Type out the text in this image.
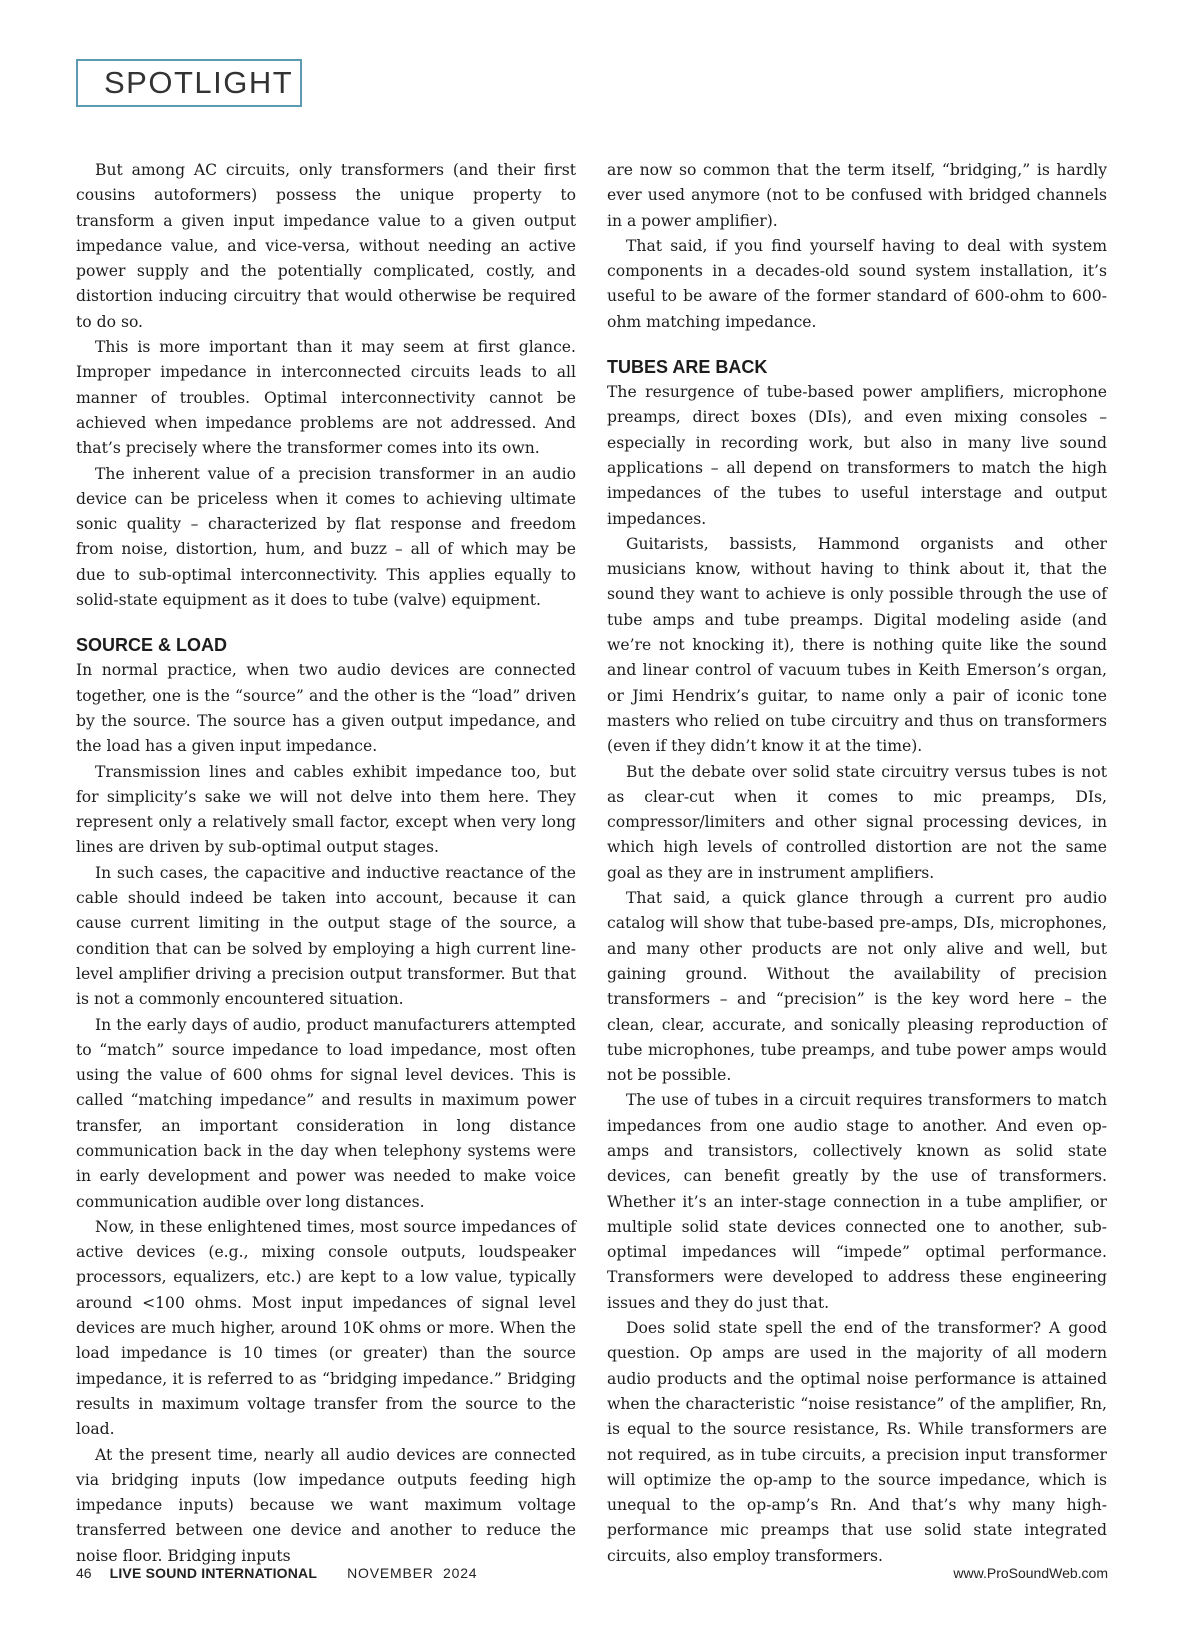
SPOTLIGHT

But among AC circuits, only transformers (and their first cousins autoformers) possess the unique property to transform a given input impedance value to a given output impedance value, and vice-versa, without needing an active power supply and the potentially complicated, costly, and distortion inducing circuitry that would otherwise be required to do so.

This is more important than it may seem at first glance. Improper impedance in interconnected circuits leads to all manner of troubles. Optimal interconnectivity cannot be achieved when impedance problems are not addressed. And that’s precisely where the transformer comes into its own.

The inherent value of a precision transformer in an audio device can be priceless when it comes to achieving ultimate sonic quality – characterized by flat response and freedom from noise, distortion, hum, and buzz – all of which may be due to sub-optimal interconnectivity. This applies equally to solid-state equipment as it does to tube (valve) equipment.

SOURCE & LOAD

In normal practice, when two audio devices are connected together, one is the “source” and the other is the “load” driven by the source. The source has a given output impedance, and the load has a given input impedance.

Transmission lines and cables exhibit impedance too, but for simplicity’s sake we will not delve into them here. They represent only a relatively small factor, except when very long lines are driven by sub-optimal output stages.

In such cases, the capacitive and inductive reactance of the cable should indeed be taken into account, because it can cause current limiting in the output stage of the source, a condition that can be solved by employing a high current line-level amplifier driving a precision output transformer. But that is not a commonly encountered situation.

In the early days of audio, product manufacturers attempted to “match” source impedance to load impedance, most often using the value of 600 ohms for signal level devices. This is called “matching impedance” and results in maximum power transfer, an important consideration in long distance communication back in the day when telephony systems were in early development and power was needed to make voice communication audible over long distances.

Now, in these enlightened times, most source impedances of active devices (e.g., mixing console outputs, loudspeaker processors, equalizers, etc.) are kept to a low value, typically around <100 ohms. Most input impedances of signal level devices are much higher, around 10K ohms or more. When the load impedance is 10 times (or greater) than the source impedance, it is referred to as “bridging impedance.” Bridging results in maximum voltage transfer from the source to the load.

At the present time, nearly all audio devices are connected via bridging inputs (low impedance outputs feeding high impedance inputs) because we want maximum voltage transferred between one device and another to reduce the noise floor. Bridging inputs

are now so common that the term itself, “bridging,” is hardly ever used anymore (not to be confused with bridged channels in a power amplifier).

That said, if you find yourself having to deal with system components in a decades-old sound system installation, it’s useful to be aware of the former standard of 600-ohm to 600-ohm matching impedance.

TUBES ARE BACK

The resurgence of tube-based power amplifiers, microphone preamps, direct boxes (DIs), and even mixing consoles – especially in recording work, but also in many live sound applications – all depend on transformers to match the high impedances of the tubes to useful interstage and output impedances.

Guitarists, bassists, Hammond organists and other musicians know, without having to think about it, that the sound they want to achieve is only possible through the use of tube amps and tube preamps. Digital modeling aside (and we’re not knocking it), there is nothing quite like the sound and linear control of vacuum tubes in Keith Emerson’s organ, or Jimi Hendrix’s guitar, to name only a pair of iconic tone masters who relied on tube circuitry and thus on transformers (even if they didn’t know it at the time).

But the debate over solid state circuitry versus tubes is not as clear-cut when it comes to mic preamps, DIs, compressor/limiters and other signal processing devices, in which high levels of controlled distortion are not the same goal as they are in instrument amplifiers.

That said, a quick glance through a current pro audio catalog will show that tube-based pre-amps, DIs, microphones, and many other products are not only alive and well, but gaining ground. Without the availability of precision transformers – and “precision” is the key word here – the clean, clear, accurate, and sonically pleasing reproduction of tube microphones, tube preamps, and tube power amps would not be possible.

The use of tubes in a circuit requires transformers to match impedances from one audio stage to another. And even op-amps and transistors, collectively known as solid state devices, can benefit greatly by the use of transformers. Whether it’s an inter-stage connection in a tube amplifier, or multiple solid state devices connected one to another, sub-optimal impedances will “impede” optimal performance. Transformers were developed to address these engineering issues and they do just that.

Does solid state spell the end of the transformer? A good question. Op amps are used in the majority of all modern audio products and the optimal noise performance is attained when the characteristic “noise resistance” of the amplifier, Rn, is equal to the source resistance, Rs. While transformers are not required, as in tube circuits, a precision input transformer will optimize the op-amp to the source impedance, which is unequal to the op-amp’s Rn. And that’s why many high-performance mic preamps that use solid state integrated circuits, also employ transformers.

46 LIVE SOUND INTERNATIONAL NOVEMBER  2024	www.ProSoundWeb.com
